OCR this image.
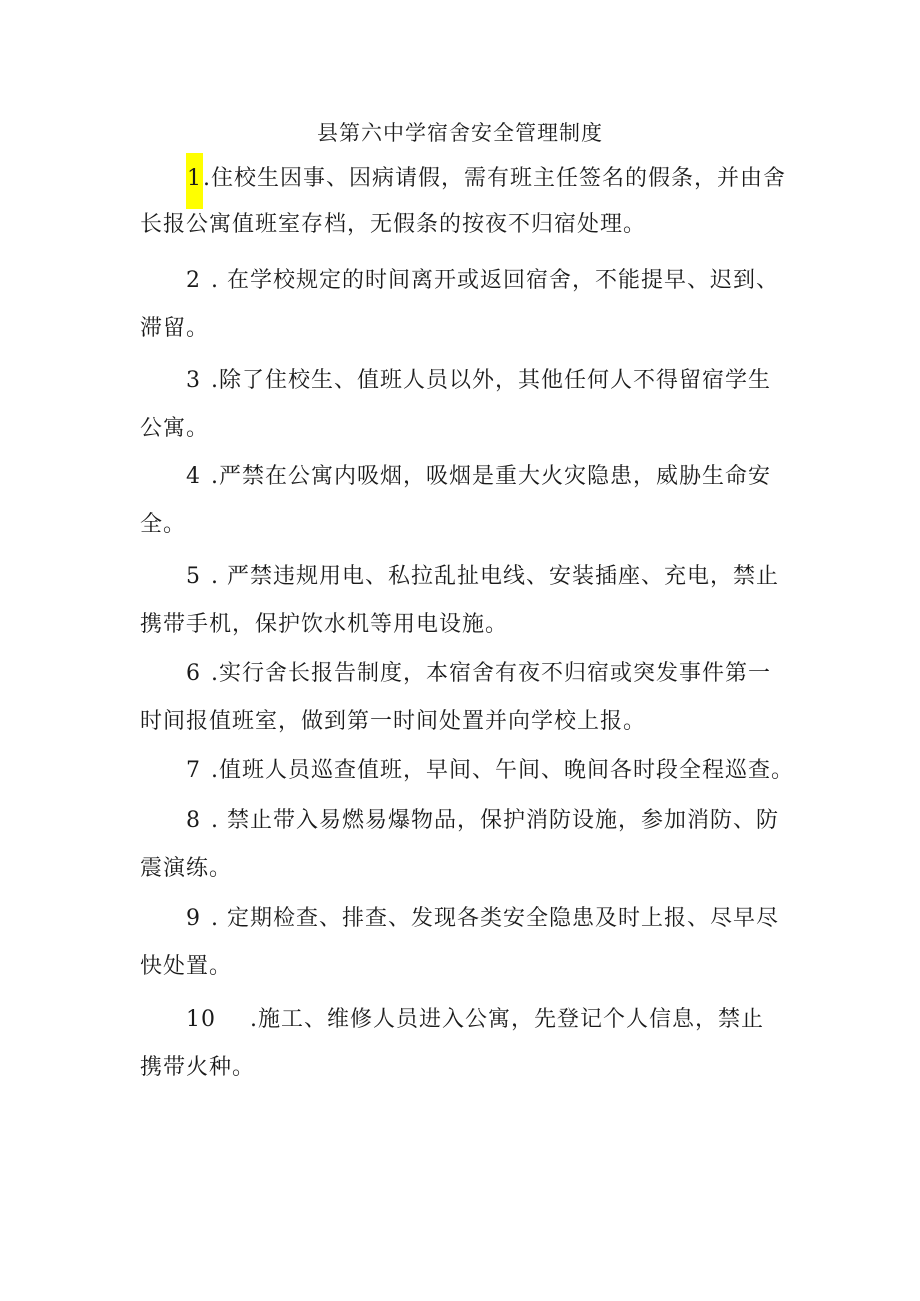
县第六中学宿舍安全管理制度
1.住校生因事、因病请假，需有班主任签名的假条，并由舍
长报公寓值班室存档，无假条的按夜不归宿处理。
2 . 在学校规定的时间离开或返回宿舍，不能提早、迟到、
滞留。
3 .除了住校生、值班人员以外，其他任何人不得留宿学生
公寓。
4 .严禁在公寓内吸烟，吸烟是重大火灾隐患，威胁生命安
全。
5 . 严禁违规用电、私拉乱扯电线、安装插座、充电，禁止
携带手机，保护饮水机等用电设施。
6 .实行舍长报告制度，本宿舍有夜不归宿或突发事件第一
时间报值班室，做到第一时间处置并向学校上报。
7 .值班人员巡查值班，早间、午间、晚间各时段全程巡查。
8 . 禁止带入易燃易爆物品，保护消防设施，参加消防、防
震演练。
9 . 定期检查、排查、发现各类安全隐患及时上报、尽早尽
快处置。
10 .施工、维修人员进入公寓，先登记个人信息，禁止
携带火种。
